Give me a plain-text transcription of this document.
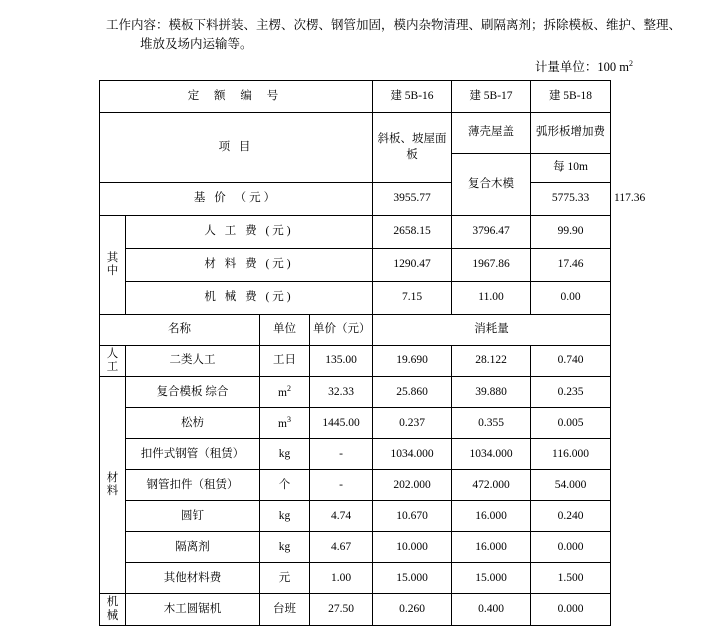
工作内容：模板下料拼装、主楞、次楞、钢管加固，模内杂物清理、刷隔离剂；拆除模板、维护、整理、
堆放及场内运输等。
计量单位：100 $m^2$
定 额 编 号				建 5B-16	建 5B-17	建 5B-18	
项 目				斜板、坡屋面板	薄壳屋盖	弧形板增加费	
					复合木模	每 10m	
基 价 （元）				3955.77		5775.33	117.36

其
中	人 工 费 (元)			2658.15	3796.47	99.90	
	材 料 费 (元)			1290.47	1967.86	17.46	
	机 械 费 (元)			7.15	11.00	0.00	
名称		单位	单价（元）	消耗量			

人
工	二类人工	工日	135.00	19.690	28.122	0.740	

材
料	复合模板 综合	$m^2$	32.33	25.860	39.880	0.235	
	松枋	$m^3$	1445.00	0.237	0.355	0.005	
	扣件式钢管（租赁）	kg	-	1034.000	1034.000	116.000	
	钢管扣件（租赁）	个	-	202.000	472.000	54.000	
	圆钉	kg	4.74	10.670	16.000	0.240	
	隔离剂	kg	4.67	10.000	16.000	0.000	
	其他材料费	元	1.00	15.000	15.000	1.500	

机
械	木工圆锯机	台班	27.50	0.260	0.400	0.000	
